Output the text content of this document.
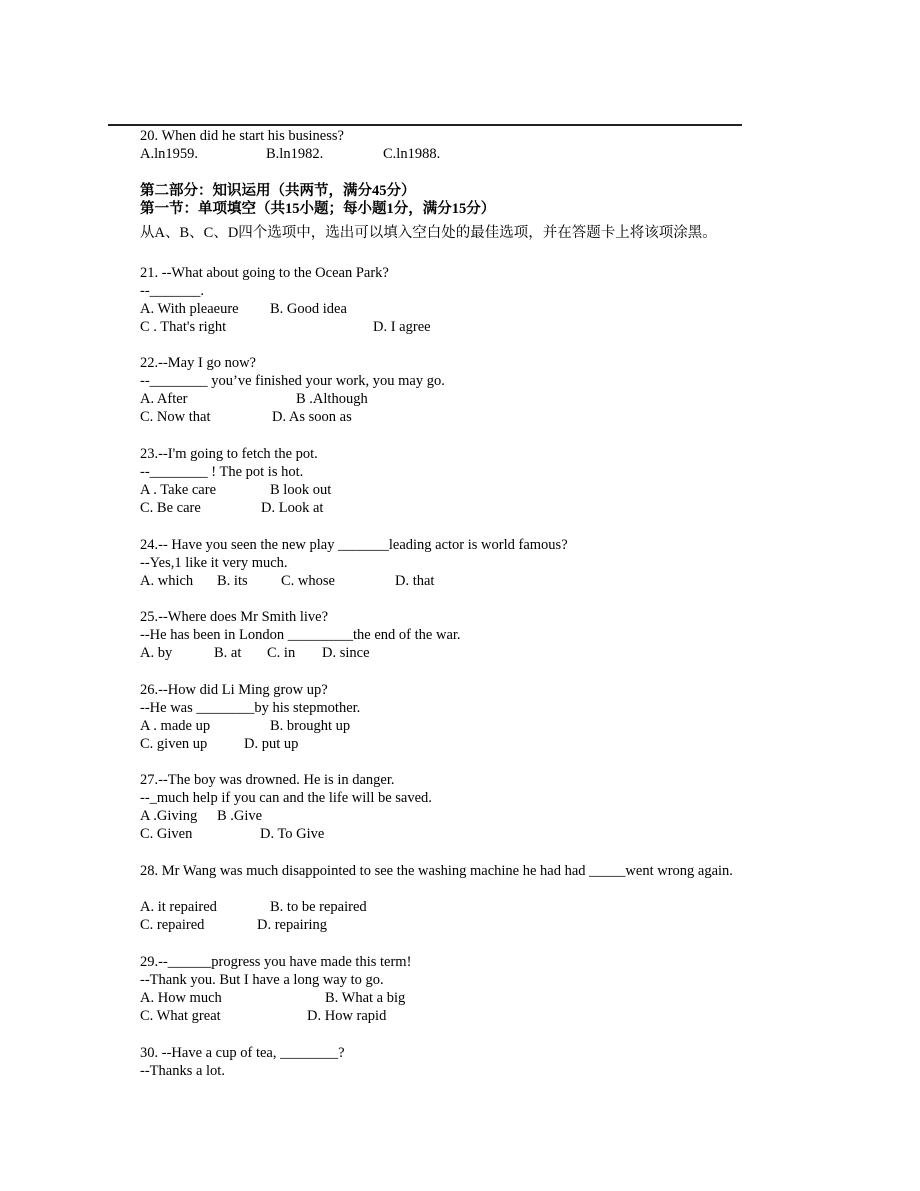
20. When did he start his business?
A.ln1959.	B.ln1982.	C.ln1988.
第二部分：知识运用（共两节，满分45分）
第一节：单项填空（共15小题；每小题1分，满分15分）
从A、B、C、D四个选项中，选出可以填入空白处的最佳选项，并在答题卡上将该项涂黑。
21. --What about going to the Ocean Park?
--_______.
A. With pleaeure B. Good idea
C . That's right	D. I agree
22.--May I go now?
--________ you’ve finished your work, you may go.
A. After	B .Although
C. Now that	D. As soon as
23.--I'm going to fetch the pot.
--________ ! The pot is hot.
A . Take care	B look out
C. Be care	D. Look at
24.-- Have you seen the new play _______leading actor is world famous?
--Yes,1 like it very much.
A. which B. its C. whose	D. that
25.--Where does Mr Smith live?
--He has been in London _________the end of the war.
A. by	B. at C. in D. since
26.--How did Li Ming grow up?
--He was ________by his stepmother.
A . made up	B. brought up
C. given up	D. put up
27.--The boy was drowned. He is in danger.
--_much help if you can and the life will be saved.
A .Giving B .Give
C. Given	D. To Give
28. Mr Wang was much disappointed to see the washing machine he had had _____went wrong again.
A. it repaired	B. to be repaired
C. repaired	D. repairing
29.--______progress you have made this term!
--Thank you. But I have a long way to go.
A. How much	B. What a big
C. What great	D. How rapid
30. --Have a cup of tea, ________?
--Thanks a lot.
